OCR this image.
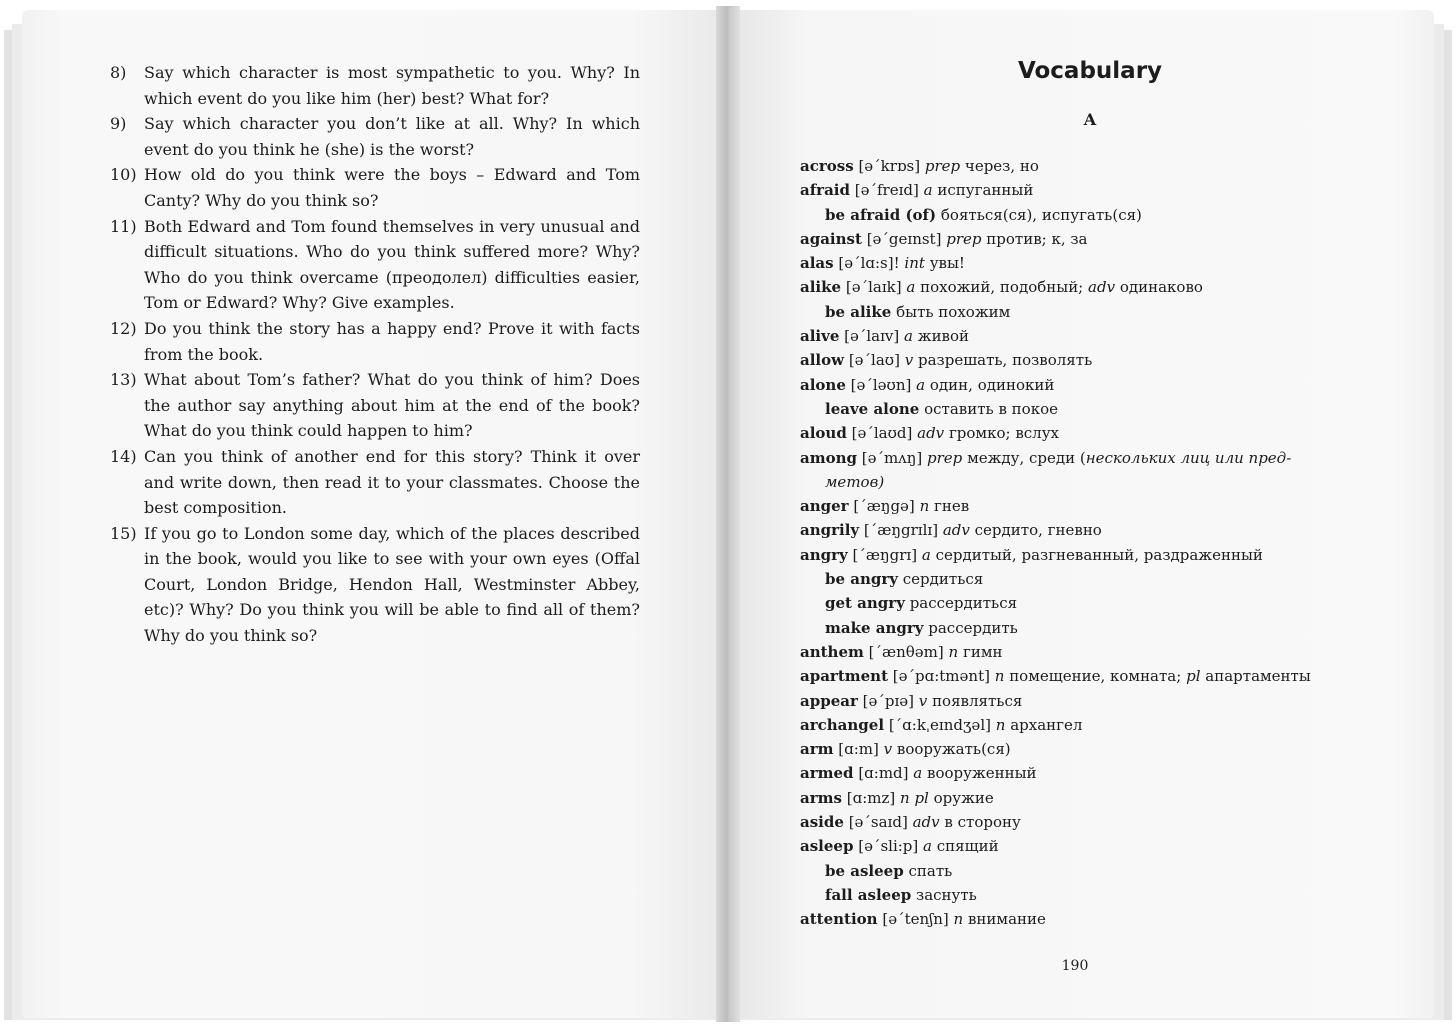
8)	Say which character is most sympathetic to you. Why? In which event do you like him (her) best? What for?
9)	Say which character you don’t like at all. Why? In which event do you think he (she) is the worst?
10) How old do you think were the boys – Edward and Tom Canty? Why do you think so?
11) Both Edward and Tom found themselves in very unusual and difficult situations. Who do you think suffered more? Why? Who do you think overcame (преодолел) difficulties easier, Tom or Edward? Why? Give examples.
12) Do you think the story has a happy end? Prove it with facts from the book.
13) What about Tom’s father? What do you think of him? Does the author say anything about him at the end of the book? What do you think could happen to him?
14) Can you think of another end for this story? Think it over and write down, then read it to your classmates. Choose the best composition.
15) If you go to London some day, which of the places described in the book, would you like to see with your own eyes (Offal Court, London Bridge, Hendon Hall, Westminster Abbey, etc)? Why? Do you think you will be able to find all of them? Why do you think so?
Vocabulary
A
across [əˊkrɒs] prep через, но
afraid [əˊfreɪd] a испуганный
be afraid (of) бояться(ся), испугать(ся)
against [əˊgeɪnst] prep против; к, за
alas [əˊlɑ:s]! int увы!
alike [əˊlaɪk] a похожий, подобный; adv одинаково
be alike быть похожим
alive [əˊlaɪv] a живой
allow [əˊlaʊ] v разрешать, позволять
alone [əˊləʊn] a один, одинокий
leave alone оставить в покое
aloud [əˊlaʊd] adv громко; вслух
among [əˊmʌŋ] prep между, среди (нескольких лиц или пред-
метов)
anger [ˊæŋgə] n гнев
angrily [ˊæŋgrɪlɪ] adv сердито, гневно
angry [ˊæŋgrɪ] a сердитый, разгневанный, раздраженный
be angry сердиться
get angry рассердиться
make angry рассердить
anthem [ˊænθəm] n гимн
apartment [əˊpɑ:tmənt] n помещение, комната; pl апартаменты
appear [əˊpɪə] v появляться
archangel [ˊɑ:kˌeɪndʒəl] n архангел
arm [ɑ:m] v вооружать(ся)
armed [ɑ:md] a вооруженный
arms [ɑ:mz] n pl оружие
aside [əˊsaɪd] adv в сторону
asleep [əˊsli:p] a спящий
be asleep спать
fall asleep заснуть
attention [əˊtenʃn] n внимание
190
